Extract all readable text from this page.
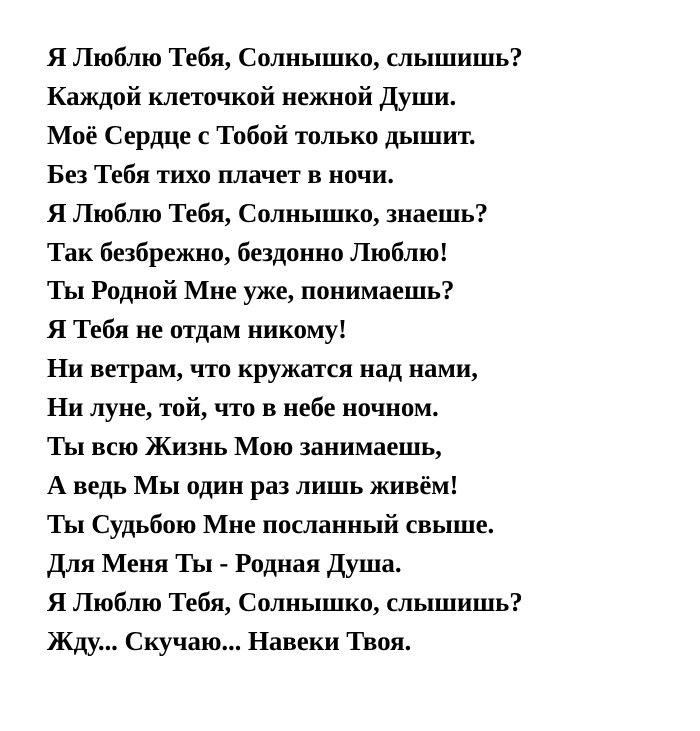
Я Люблю Тебя, Солнышко, слышишь?
Каждой клеточкой нежной Души.
Моё Сердце с Тобой только дышит.
Без Тебя тихо плачет в ночи.
Я Люблю Тебя, Солнышко, знаешь?
Так безбрежно, бездонно Люблю!
Ты Родной Мне уже, понимаешь?
Я Тебя не отдам никому!
Ни ветрам, что кружатся над нами,
Ни луне, той, что в небе ночном.
Ты всю Жизнь Мою занимаешь,
А ведь Мы один раз лишь живём!
Ты Судьбою Мне посланный свыше.
Для Меня Ты - Родная Душа.
Я Люблю Тебя, Солнышко, слышишь?
Жду... Скучаю... Навеки Твоя.
